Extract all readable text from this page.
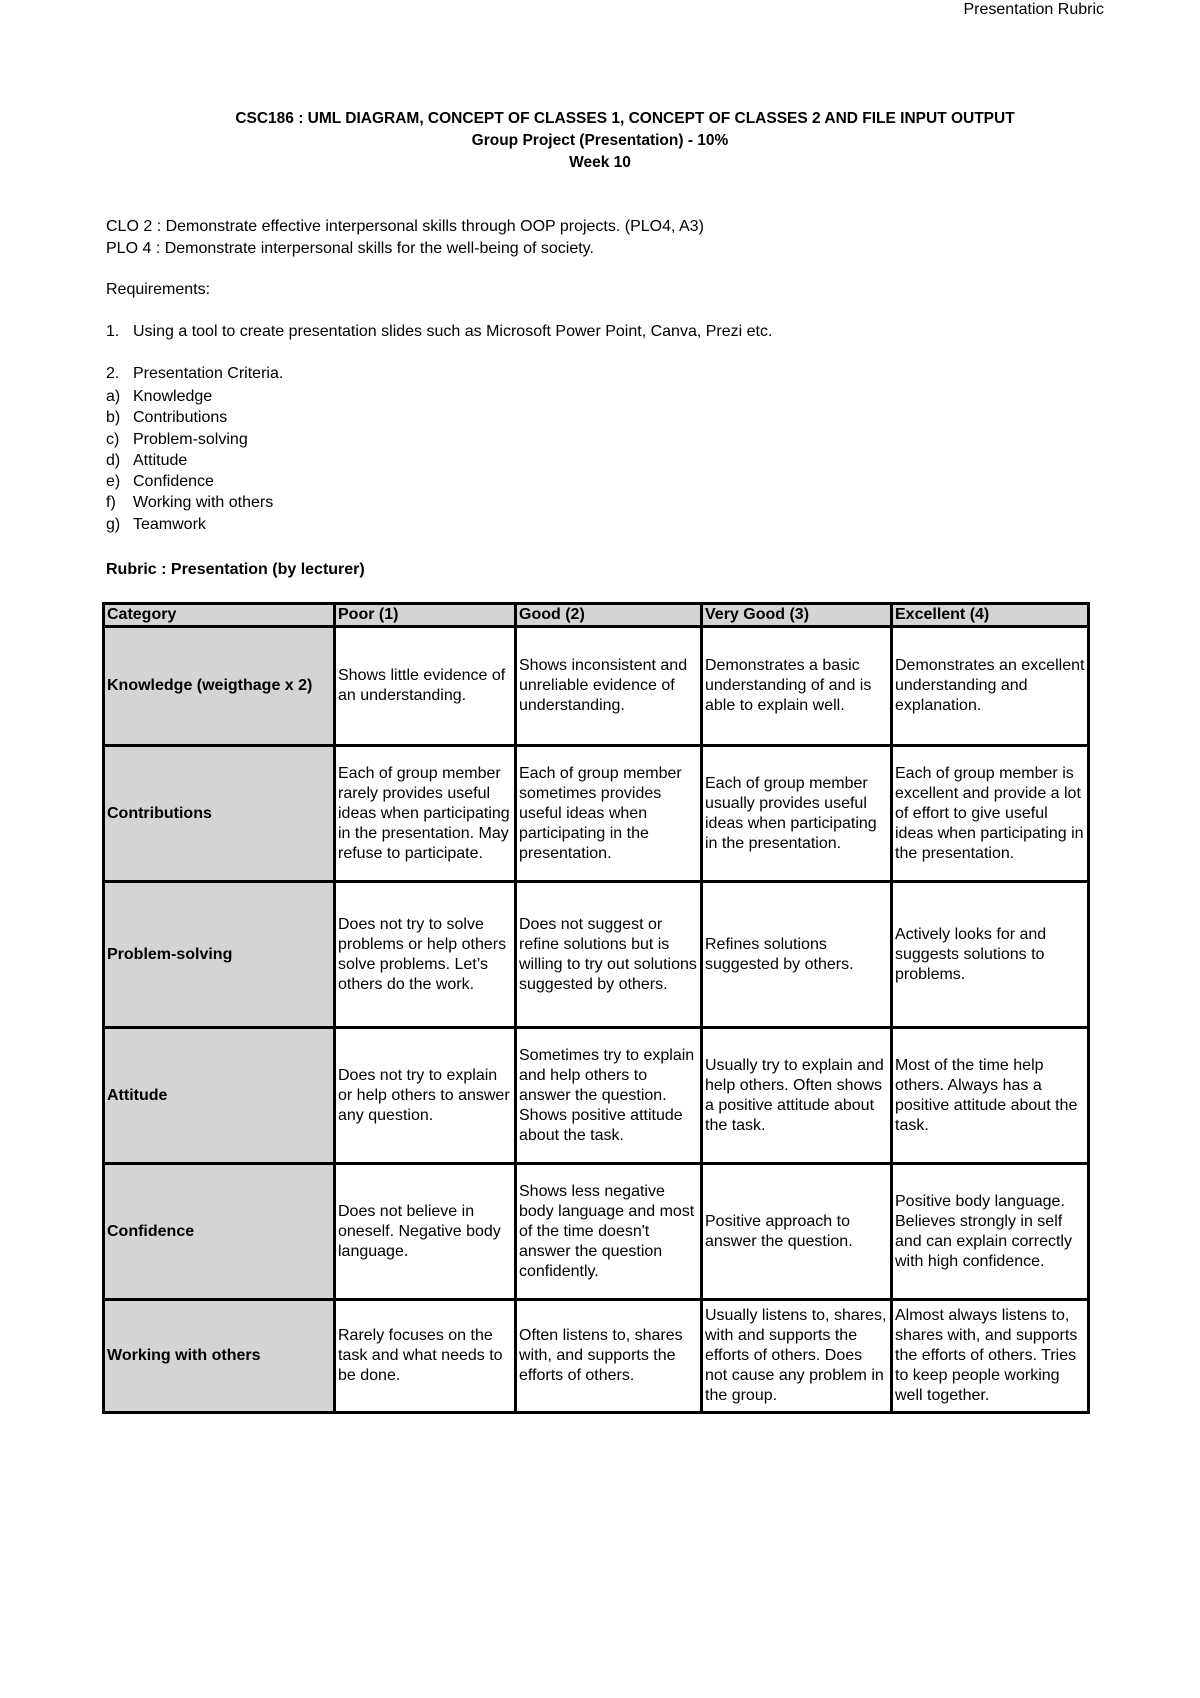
Presentation Rubric
CSC186 : UML DIAGRAM, CONCEPT OF CLASSES 1, CONCEPT OF CLASSES 2 AND FILE INPUT OUTPUT
Group Project (Presentation) - 10%
Week 10
CLO 2 : Demonstrate effective interpersonal skills through OOP projects. (PLO4, A3)
PLO 4 : Demonstrate interpersonal skills for the well-being of society.
Requirements:
1. Using a tool to create presentation slides such as Microsoft Power Point, Canva, Prezi etc.
2. Presentation Criteria.
a) Knowledge
b) Contributions
c) Problem-solving
d) Attitude
e) Confidence
f) Working with others
g) Teamwork
Rubric : Presentation (by lecturer)
Category	Poor (1)	Good (2)	Very Good (3)	Excellent (4)
Knowledge (weigthage x 2)	Shows little evidence of an understanding.	Shows inconsistent and unreliable evidence of understanding.	Demonstrates a basic understanding of and is able to explain well.	Demonstrates an excellent understanding and explanation.
Contributions	Each of group member rarely provides useful ideas when participating in the presentation. May refuse to participate.	Each of group member sometimes provides useful ideas when participating in the presentation.	Each of group member usually provides useful ideas when participating in the presentation.	Each of group member is excellent and provide a lot of effort to give useful ideas when participating in the presentation.
Problem-solving	Does not try to solve problems or help others solve problems. Let’s others do the work.	Does not suggest or refine solutions but is willing to try out solutions suggested by others.	Refines solutions suggested by others.	Actively looks for and suggests solutions to problems.
Attitude	Does not try to explain or help others to answer any question.	Sometimes try to explain and help others to answer the question. Shows positive attitude about the task.	Usually try to explain and help others. Often shows a positive attitude about the task.	Most of the time help others. Always has a positive attitude about the task.
Confidence	Does not believe in oneself. Negative body language.	Shows less negative body language and most of the time doesn't answer the question confidently.	Positive approach to answer the question.	Positive body language. Believes strongly in self and can explain correctly with high confidence.
Working with others	Rarely focuses on the task and what needs to be done.	Often listens to, shares with, and supports the efforts of others.	Usually listens to, shares, with and supports the efforts of others. Does not cause any problem in the group.	Almost always listens to, shares with, and supports the efforts of others. Tries to keep people working well together.
